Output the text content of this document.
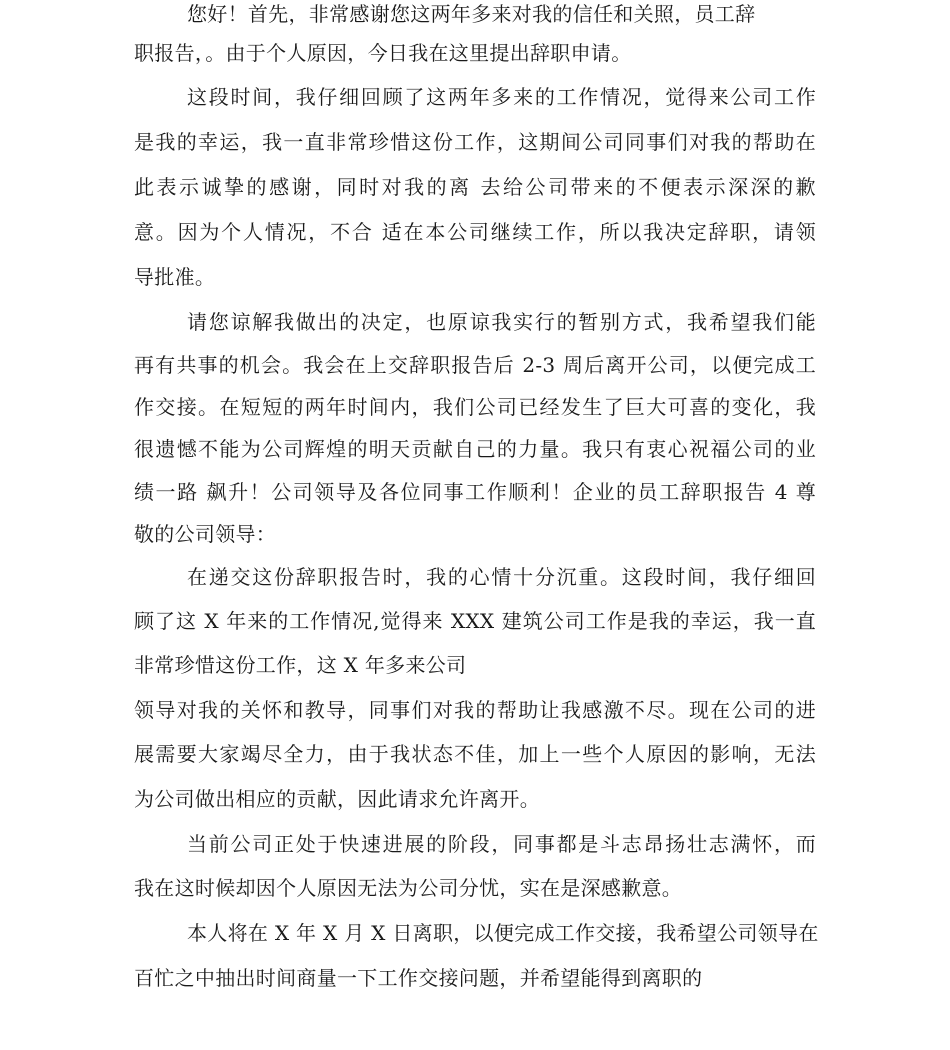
您好！首先，非常感谢您这两年多来对我的信任和关照，员工辞
职报告，。由于个人原因，今日我在这里提出辞职申请。
这段时间，我仔细回顾了这两年多来的工作情况，觉得来公司工作
是我的幸运，我一直非常珍惜这份工作，这期间公司同事们对我的帮助在
此表示诚挚的感谢，同时对我的离 去给公司带来的不便表示深深的歉
意。因为个人情况，不合 适在本公司继续工作，所以我决定辞职，请领
导批准。
请您谅解我做出的决定，也原谅我实行的暂别方式，我希望我们能
再有共事的机会。我会在上交辞职报告后 2-3 周后离开公司，以便完成工
作交接。在短短的两年时间内，我们公司已经发生了巨大可喜的变化，我
很遗憾不能为公司辉煌的明天贡献自己的力量。我只有衷心祝福公司的业
绩一路 飙升！公司领导及各位同事工作顺利！企业的员工辞职报告 4 尊
敬的公司领导：
在递交这份辞职报告时，我的心情十分沉重。这段时间，我仔细回
顾了这 X 年来的工作情况,觉得来 XXX 建筑公司工作是我的幸运，我一直
非常珍惜这份工作，这 X 年多来公司
领导对我的关怀和教导，同事们对我的帮助让我感激不尽。现在公司的进
展需要大家竭尽全力，由于我状态不佳，加上一些个人原因的影响，无法
为公司做出相应的贡献，因此请求允许离开。
当前公司正处于快速进展的阶段，同事都是斗志昂扬壮志满怀，而
我在这时候却因个人原因无法为公司分忧，实在是深感歉意。
本人将在 X 年 X 月 X 日离职，以便完成工作交接，我希望公司领导在
百忙之中抽出时间商量一下工作交接问题，并希望能得到离职的
